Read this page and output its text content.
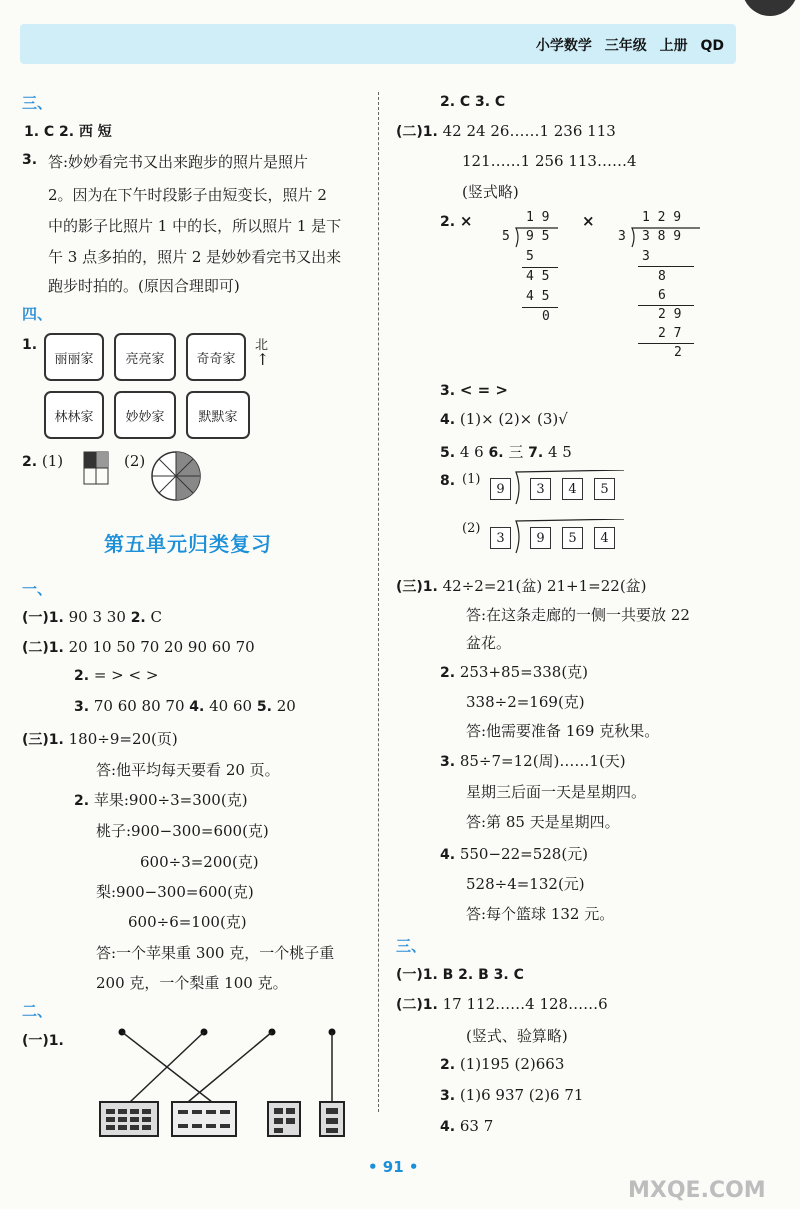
小学数学 三年级 上册 QD
三、
1. C 2. 西 短
3. 答:妙妙看完书又出来跑步的照片是照片
2。因为在下午时段影子由短变长，照片 2
中的影子比照片 1 中的长，所以照片 1 是下
午 3 点多拍的，照片 2 是妙妙看完书又出来
跑步时拍的。(原因合理即可)
四、
1.
丽丽家 亮亮家 奇奇家
林林家 妙妙家	默默家
北
↑
2. (1)	(2)
第五单元归类复习
一、
(一)1. 90 3 30 2. C
(二)1. 20 10 50 70 20 90 60 70
2. = > < >
3. 70 60 80 70 4. 40 60 5. 20
(三)1. 180÷9=20(页)
答:他平均每天要看 20 页。
2. 苹果:900÷3=300(克)
桃子:900−300=600(克)
600÷3=200(克)
梨:900−300=600(克)
600÷6=100(克)
答:一个苹果重 300 克，一个桃子重
200 克，一个梨重 100 克。
二、
(一)1.
2. C 3. C
(二)1. 42 24 26……1 236 113
121……1 256 113……4
(竖式略)
2. ×	1 9
5 9 5
5
4 5
4 5
0
×	1 2 9
3 3 8 9
3
8
6
2 9
2 7
2
3. < = >
4. (1)× (2)× (3)√
5. 4 6 6. 三 7. 4 5
8. (1)
9	3	4	5
(2)
3	9	5	4
(三)1. 42÷2=21(盆) 21+1=22(盆)
答:在这条走廊的一侧一共要放 22
盆花。
2. 253+85=338(克)
338÷2=169(克)
答:他需要准备 169 克秋果。
3. 85÷7=12(周)……1(天)
星期三后面一天是星期四。
答:第 85 天是星期四。
4. 550−22=528(元)
528÷4=132(元)
答:每个篮球 132 元。
三、
(一)1. B 2. B 3. C
(二)1. 17 112……4 128……6
(竖式、验算略)
2. (1)195 (2)663
3. (1)6 937 (2)6 71
4. 63 7
• 91 •
MXQE.COM
